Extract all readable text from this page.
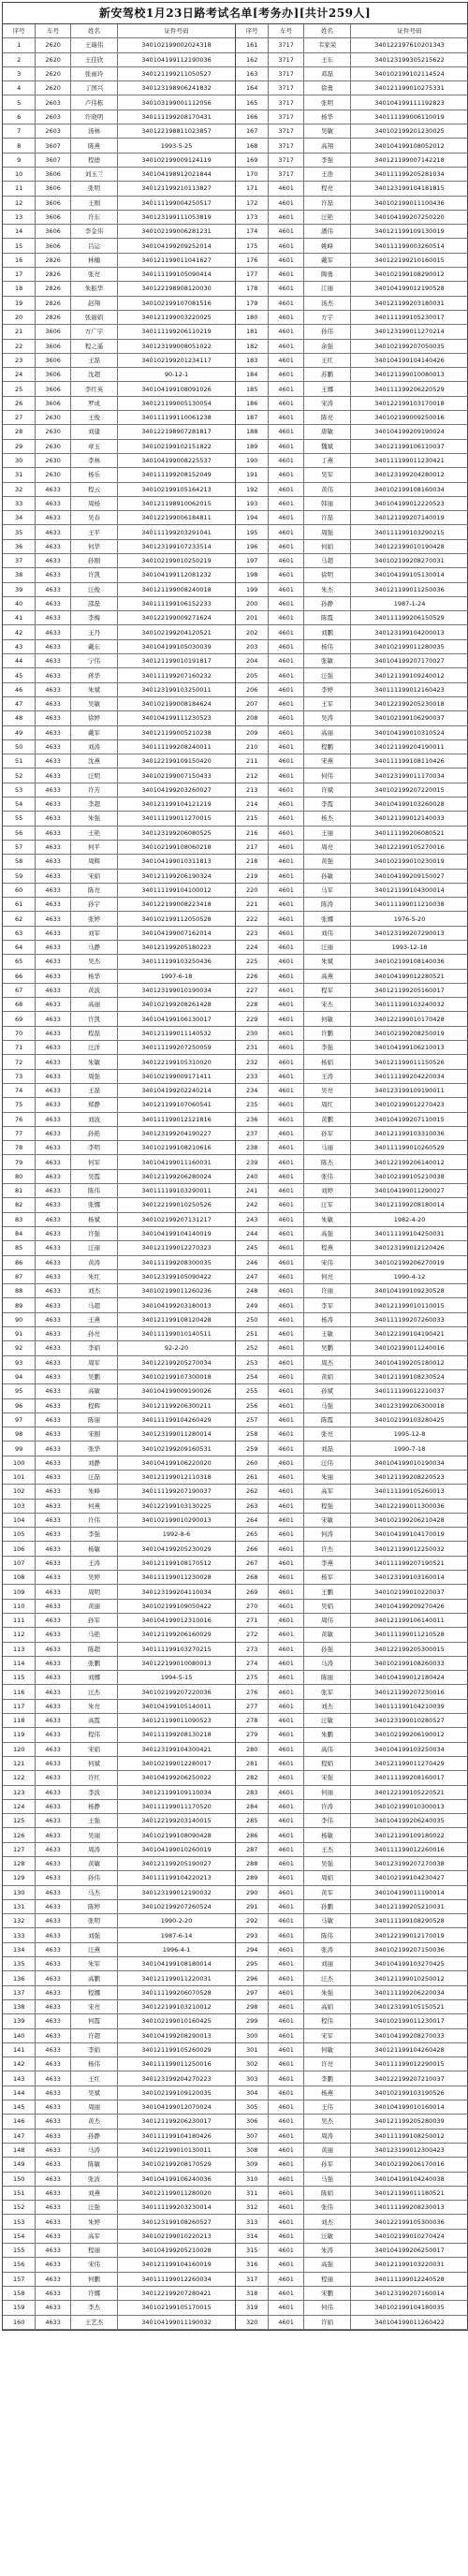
新安驾校1月23日路考试名单[考务办][共计259人]
序号	车号	姓名	证件号码
1	2620	王瑞伟	340102199002024318
2	2620	王佳欣	340104199112190036
3	2620	张雨玲	340121199211050527
4	2620	丁国兴	340123198906241832
5	2603	卢伟栋	340103199001112056
6	2603	许晓明	340111199208170431
7	2603	汤林	340122198811023857
8	3607	陈燕	1993-5-25
9	3607	程德	340102199009124119
10	3606	刘玉兰	340104198912021844
11	3606	张明	340121199210113827
12	3606	王刚	340111199004250517
13	3606	许东	340123199111053819
14	3606	李金伟	340102199006281231
15	3606	吕运	340104199209252014
16	2826	林楠	340121199011041627
17	2826	张亮	340111199105090414
18	2826	朱振华	340122198908120030
19	2826	赵翔	340102199107081516
20	2826	张丽娟	340121199003220025
21	3606	方广宇	340111199206110219
22	3606	程之遥	340123199008051022
23	3606	王磊	340102199201234117
24	3606	沈超	90-12-1
25	3606	李红英	340104199108091026
26	3606	罗成	340121199005130054
27	2630	王俊	340111199110061238
28	2630	刘建	340122198907281817
29	2630	章玉	340102199102151822
30	2630	李林	340104199008225537
31	2630	杨乐	340111199208152049
32	4633	程云	340102199105164213
33	4633	周杨	340121198910062015
34	4633	吴春	340122199006184811
35	4633	王平	340111199203291041
36	4633	何华	340123199107233514
37	4633	孙刚	340102199010250219
38	4633	许凯	340104199112081232
39	4633	汪俊	340121199008240018
40	4633	邵磊	340111199106152233
41	4633	李梅	340122199009271624
42	4633	王丹	340102199204120521
43	4633	戴东	340104199105030039
44	4633	宁伟	340121199010191817
45	4633	蒋华	340111199207160232
46	4633	朱斌	340123199103250011
47	4633	吴敏	340102199008184624
48	4633	徐婷	340104199111230523
49	4633	戴军	340121199005210238
50	4633	刘涛	340111199208240011
51	4633	沈燕	340122199109150420
52	4633	汪明	340102199007150433
53	4633	许芳	340104199203260027
54	4633	李超	340121199104121219
55	4633	朱强	340111199011270015
56	4633	王艳	340123199206080525
57	4633	何平	340102199108060218
58	4633	周辉	340104199010311813
59	4633	宋娟	340121199206190324
60	4633	陈亮	340111199104100012
61	4633	孙宇	340122199008223418
62	4633	张婷	340102199112050528
63	4633	刘军	340104199007162014
64	4633	马静	340121199205180223
65	4633	吴杰	340111199103250436
66	4633	杨华	1997-6-18
67	4633	黄波	340123199010190034
68	4633	高丽	340102199208261428
69	4633	许凯	340104199106130017
70	4633	程磊	340121199011140532
71	4633	汪洋	340111199207250059
72	4633	朱敏	340122199105310020
73	4633	周强	340102199009171411
74	4633	王磊	340104199202240214
75	4633	郑静	340121199107060541
76	4633	刘波	340111199012121816
77	4633	孙艳	340123199204190227
78	4633	李明	340102199108210616
79	4633	何军	340104199011160031
80	4633	吴霞	340121199206280024
81	4633	陈伟	340111199103290011
82	4633	张娜	340122199010250526
83	4633	杨斌	340102199207131217
84	4633	许强	340104199104140019
85	4633	汪丽	340121199012270323
86	4633	黄涛	340111199208300035
87	4633	朱红	340123199105090422
88	4633	刘杰	340102199011260236
89	4633	马超	340104199203180013
90	4633	王燕	340121199108120428
91	4633	孙亮	340111199010140511
92	4633	李娟	92-2-20
93	4633	周军	340122199205270034
94	4633	吴鹏	340102199107300018
95	4633	高敏	340104199009190026
96	4633	程辉	340121199206300211
97	4633	陈丽	340111199104260429
98	4633	宋刚	340123199011280014
99	4633	张华	340102199209160531
100	4633	刘静	340104199106220020
101	4633	汪磊	340121199012110318
102	4633	朱峰	340111199207190037
103	4633	何燕	340122199103130225
104	4633	许伟	340102199010290013
105	4633	李强	1992-8-6
106	4633	杨敏	340104199205230029
107	4633	王涛	340121199108170512
108	4633	吴婷	340111199011230028
109	4633	周明	340123199204110034
110	4633	黄丽	340102199109050422
111	4633	孙军	340104199012310016
112	4633	马艳	340121199206160029
113	4633	陈超	340111199103270215
114	4633	张鹏	340122199010080013
115	4633	刘娜	1994-5-15
116	4633	汪杰	340102199207220036
117	4633	朱亮	340104199105140011
118	4633	高霞	340121199011090523
119	4633	程伟	340111199208130218
120	4633	宋娟	340123199104300421
121	4633	何斌	340102199012280017
122	4633	许红	340104199206250022
123	4633	李波	340121199109110034
124	4633	杨静	340111199011170520
125	4633	王强	340122199203140015
126	4633	吴丽	340102199108090428
127	4633	周涛	340104199010260019
128	4633	黄敏	340121199205190027
129	4633	孙伟	340111199104220213
130	4633	马杰	340123199012190032
131	4633	陈婷	340102199207260524
132	4633	张明	1990-2-20
133	4633	刘强	1987-6-14
134	4633	汪燕	1996-4-1
135	4633	朱军	340104199108180014
136	4633	高鹏	340121199011220031
137	4633	程娜	340111199206070528
138	4633	宋亮	340122199103210012
139	4633	何霞	340102199010160425
140	4633	许超	340104199208290013
141	4633	李娟	340121199105260029
142	4633	杨伟	340111199011250016
143	4633	王红	340123199204270223
144	4633	吴斌	340102199109120035
145	4633	周丽	340104199012070024
146	4633	黄杰	340121199206230017
147	4633	孙静	340111199104180426
148	4633	马涛	340122199010130011
149	4633	陈敏	340102199208170529
150	4633	张波	340104199106240036
151	4633	刘燕	340121199011280020
152	4633	汪强	340111199203230014
153	4633	朱婷	340123199108260527
154	4633	高军	340102199010220213
155	4633	程丽	340104199205210028
156	4633	宋伟	340121199104160019
157	4633	何鹏	340111199012260034
158	4633	许娜	340122199207280421
159	4633	李杰	340102199105170015
160	4633	王艺杰	340104199011190032
序号	车号	姓名	证件号码
161	3717	韦家荣	340122197610201343
162	3717	王东	340123199305215622
163	3717	邓磊	340102199102114524
164	3717	徐勇	340121199010275331
165	3717	张明	340104199111192823
166	3717	杨华	340111199006110019
167	3717	吴敏	340102199201230025
168	3717	高翔	340104199108052012
169	3717	李强	340121199007142218
170	3717	王浩	340111199205281034
171	4601	程亮	340123199104181815
172	4601	许磊	340102199011100436
173	4601	汪艳	340104199207250220
174	4601	潘伟	340121199109130019
175	4601	姚峰	340111199003260514
176	4601	戴军	340122199210160015
177	4601	陶勇	340102199108290012
178	4601	江丽	340104199012190528
179	4601	汤杰	340121199203180031
180	4601	方宇	340111199105230017
181	4601	孙伟	340123199011270214
182	4601	余强	340102199207050035
183	4601	王红	340104199104140426
184	4601	苏鹏	340121199010080013
185	4601	王娜	340111199206220529
186	4601	宋涛	340122199103170018
187	4601	陈亮	340102199009250016
188	4601	唐敏	340104199209190024
189	4601	魏斌	340121199106110037
190	4601	丁燕	340111199011230421
191	4601	吴军	340123199204280012
192	4601	黄伟	340102199108160034
193	4601	韩丽	340104199012220523
194	4601	许磊	340121199207140019
195	4601	周强	340111199103290215
196	4601	何娟	340122199010190428
197	4601	马超	340102199208270031
198	4601	徐明	340104199105130014
199	4601	朱杰	340121199011250036
200	4601	孙静	1987-1-24
201	4601	陈霞	340111199206150529
202	4601	刘鹏	340123199104200013
203	4601	杨伟	340102199011280035
204	4601	张敏	340104199207170027
205	4601	汪强	340121199109240012
206	4601	李婷	340111199012160423
207	4601	王军	340122199205230018
208	4601	吴涛	340102199106290037
209	4601	高丽	340104199010310524
210	4601	程鹏	340121199204190011
211	4601	宋燕	340111199108110426
212	4601	何伟	340123199011170034
213	4601	许斌	340102199207220015
214	4601	李霞	340104199103260028
215	4601	杨杰	340121199012140033
216	4601	王丽	340111199206080521
217	4601	周亮	340122199105270016
218	4601	黄强	340102199010230019
219	4601	孙敏	340104199209150027
220	4601	马军	340121199104300014
221	4601	陈涛	340111199011210038
222	4601	张娜	1976-5-20
223	4601	刘伟	340123199207290013
224	4601	汪丽	1993-12-18
225	4601	朱斌	340102199108140036
226	4601	高燕	340104199012280521
227	4601	程军	340121199205160017
228	4601	宋杰	340111199103240032
229	4601	何敏	340122199010170428
230	4601	许鹏	340102199208250019
231	4601	李强	340104199106210013
232	4601	杨娟	340121199011150526
233	4601	王涛	340111199204220034
234	4601	吴亮	340123199109190011
235	4601	周红	340102199012270423
236	4601	黄鹏	340104199207110015
237	4601	孙军	340121199103310036
238	4601	马丽	340111199010260529
239	4601	陈杰	340122199206140012
240	4601	张伟	340102199105210038
241	4601	刘婷	340104199011290027
242	4601	汪军	340121199208180014
243	4601	朱敏	1982-4-20
244	4601	高强	340111199104250031
245	4601	程燕	340123199012120426
246	4601	宋伟	340102199206270019
247	4601	何亮	1990-4-12
248	4601	许丽	340104199109230528
249	4601	李军	340121199010110015
250	4601	杨涛	340111199207260033
251	4601	王敏	340122199104190421
252	4601	吴鹏	340102199011240016
253	4601	周杰	340104199205180012
254	4601	黄娟	340121199108230524
255	4601	孙斌	340111199012210037
256	4601	马强	340123199206300018
257	4601	陈霞	340102199103280425
258	4601	张亮	1995-12-8
259	4601	刘磊	1990-7-18
260	4601	汪伟	340104199010190034
261	4601	朱丽	340121199208220523
262	4601	高军	340111199105260013
263	4601	程强	340122199011300036
264	4601	宋敏	340102199206210428
265	4601	何涛	340104199104170019
266	4601	许杰	340121199012250032
267	4601	李燕	340111199207190521
268	4601	杨军	340123199103160014
269	4601	王鹏	340102199010220037
270	4601	吴娟	340104199209270426
271	4601	周伟	340121199106140011
272	4601	黄敏	340111199011210528
273	4601	孙强	340122199205300015
274	4601	马涛	340102199108260033
275	4601	陈丽	340104199012180424
276	4601	张军	340121199207230016
277	4601	刘杰	340111199104210039
278	4601	汪敏	340123199010280527
279	4601	朱鹏	340102199206190012
280	4601	高伟	340104199103250034
281	4601	程娟	340121199011270429
282	4601	宋强	340111199208160017
283	4601	何丽	340122199105220521
284	4601	许涛	340102199010300013
285	4601	李伟	340104199206240035
286	4601	杨敏	340121199109180022
287	4601	王杰	340111199012260016
288	4601	吴强	340123199207270038
289	4601	周娟	340102199104230427
290	4601	黄军	340104199011190014
291	4601	孙鹏	340121199205210031
292	4601	马敏	340111199108290528
293	4601	陈伟	340122199012170019
294	4601	张涛	340102199207150036
295	4601	刘丽	340104199103270425
296	4601	汪杰	340121199010250012
297	4601	朱强	340111199206220034
298	4601	高娟	340123199105150521
299	4601	程伟	340102199011230017
300	4601	宋军	340104199208270033
301	4601	何敏	340121199104260428
302	4601	许亮	340111199012290015
303	4601	李鹏	340122199207210037
304	4601	杨燕	340102199103190526
305	4601	王伟	340104199010160014
306	4601	吴杰	340121199205280039
307	4601	周涛	340111199108250012
308	4601	黄丽	340123199012300423
309	4601	孙军	340102199206170016
310	4601	马强	340104199104240038
311	4601	陈娟	340121199011180521
312	4601	张伟	340111199208230013
313	4601	刘杰	340122199105300036
314	4601	汪敏	340102199010270424
315	4601	朱涛	340104199206250017
316	4601	高强	340121199103220031
317	4601	程丽	340111199012240528
318	4601	宋鹏	340123199207160014
319	4601	何伟	340102199104180035
320	4601	许娟	340104199011260422
